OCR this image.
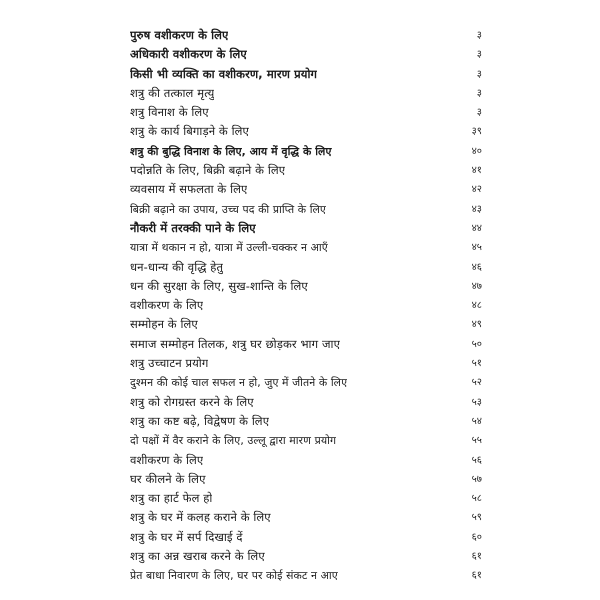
पुरुष वशीकरण के लिए	३
अधिकारी वशीकरण के लिए	३
किसी भी व्यक्ति का वशीकरण, मारण प्रयोग	३
शत्रु की तत्काल मृत्यु	३
शत्रु विनाश के लिए	३
शत्रु के कार्य बिगाड़ने के लिए	३९
शत्रु की बुद्धि विनाश के लिए, आय में वृद्धि के लिए	४०
पदोन्नति के लिए, बिक्री बढ़ाने के लिए	४१
व्यवसाय में सफलता के लिए	४२
बिक्री बढ़ाने का उपाय, उच्च पद की प्राप्ति के लिए	४३
नौकरी में तरक्की पाने के लिए	४४
यात्रा में थकान न हो, यात्रा में उल्ली-चक्कर न आएँ	४५
धन-धान्य की वृद्धि हेतु	४६
धन की सुरक्षा के लिए, सुख-शान्ति के लिए	४७
वशीकरण के लिए	४८
सम्मोहन के लिए	४९
समाज सम्मोहन तिलक, शत्रु घर छोड़कर भाग जाए	५०
शत्रु उच्चाटन प्रयोग	५१
दुश्मन की कोई चाल सफल न हो, जुए में जीतने के लिए	५२
शत्रु को रोगग्रस्त करने के लिए	५३
शत्रु का कष्ट बढ़े, विद्वेषण के लिए	५४
दो पक्षों में वैर कराने के लिए, उल्लू द्वारा मारण प्रयोग	५५
वशीकरण के लिए	५६
घर कीलने के लिए	५७
शत्रु का हार्ट फेल हो	५८
शत्रु के घर में कलह कराने के लिए	५९
शत्रु के घर में सर्प दिखाई दें	६०
शत्रु का अन्न खराब करने के लिए	६१
प्रेत बाधा निवारण के लिए, घर पर कोई संकट न आए	६१
